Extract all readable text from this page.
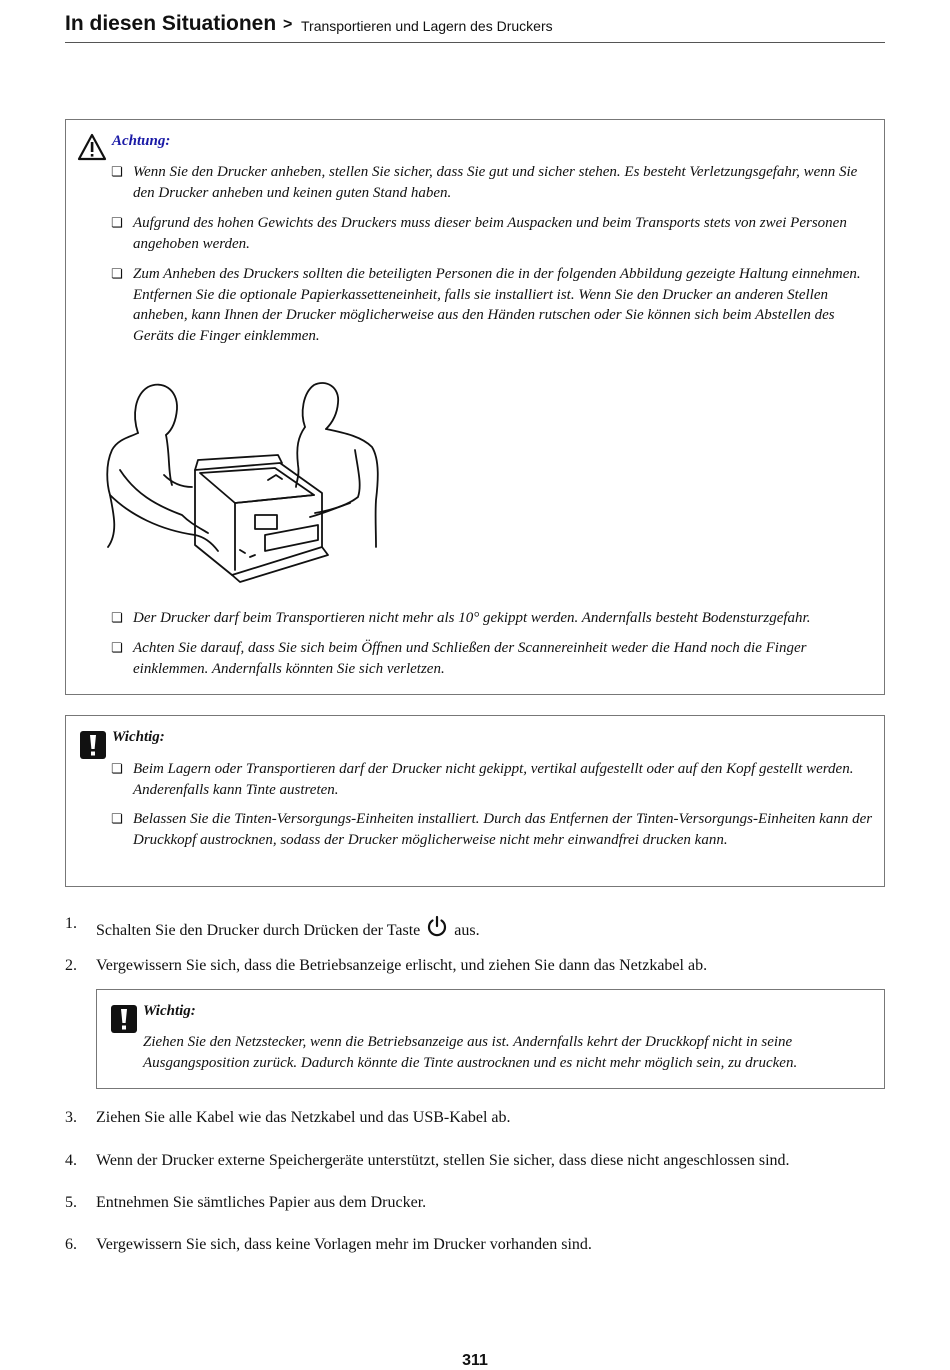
In diesen Situationen > Transportieren und Lagern des Druckers
Achtung:
❏ Wenn Sie den Drucker anheben, stellen Sie sicher, dass Sie gut und sicher stehen. Es besteht Verletzungsgefahr, wenn Sie den Drucker anheben und keinen guten Stand haben.
❏ Aufgrund des hohen Gewichts des Druckers muss dieser beim Auspacken und beim Transports stets von zwei Personen angehoben werden.
❏ Zum Anheben des Druckers sollten die beteiligten Personen die in der folgenden Abbildung gezeigte Haltung einnehmen. Entfernen Sie die optionale Papierkassetteneinheit, falls sie installiert ist. Wenn Sie den Drucker an anderen Stellen anheben, kann Ihnen der Drucker möglicherweise aus den Händen rutschen oder Sie können sich beim Abstellen des Geräts die Finger einklemmen.
❏ Der Drucker darf beim Transportieren nicht mehr als 10° gekippt werden. Andernfalls besteht Bodensturzgefahr.
❏ Achten Sie darauf, dass Sie sich beim Öffnen und Schließen der Scannereinheit weder die Hand noch die Finger einklemmen. Andernfalls könnten Sie sich verletzen.
Wichtig:
❏ Beim Lagern oder Transportieren darf der Drucker nicht gekippt, vertikal aufgestellt oder auf den Kopf gestellt werden. Anderenfalls kann Tinte austreten.
❏ Belassen Sie die Tinten-Versorgungs-Einheiten installiert. Durch das Entfernen der Tinten-Versorgungs-Einheiten kann der Druckkopf austrocknen, sodass der Drucker möglicherweise nicht mehr einwandfrei drucken kann.
1. Schalten Sie den Drucker durch Drücken der Taste aus.
2. Vergewissern Sie sich, dass die Betriebsanzeige erlischt, und ziehen Sie dann das Netzkabel ab.
Wichtig:
Ziehen Sie den Netzstecker, wenn die Betriebsanzeige aus ist. Andernfalls kehrt der Druckkopf nicht in seine Ausgangsposition zurück. Dadurch könnte die Tinte austrocknen und es nicht mehr möglich sein, zu drucken.
3. Ziehen Sie alle Kabel wie das Netzkabel und das USB-Kabel ab.
4. Wenn der Drucker externe Speichergeräte unterstützt, stellen Sie sicher, dass diese nicht angeschlossen sind.
5. Entnehmen Sie sämtliches Papier aus dem Drucker.
6. Vergewissern Sie sich, dass keine Vorlagen mehr im Drucker vorhanden sind.
311
